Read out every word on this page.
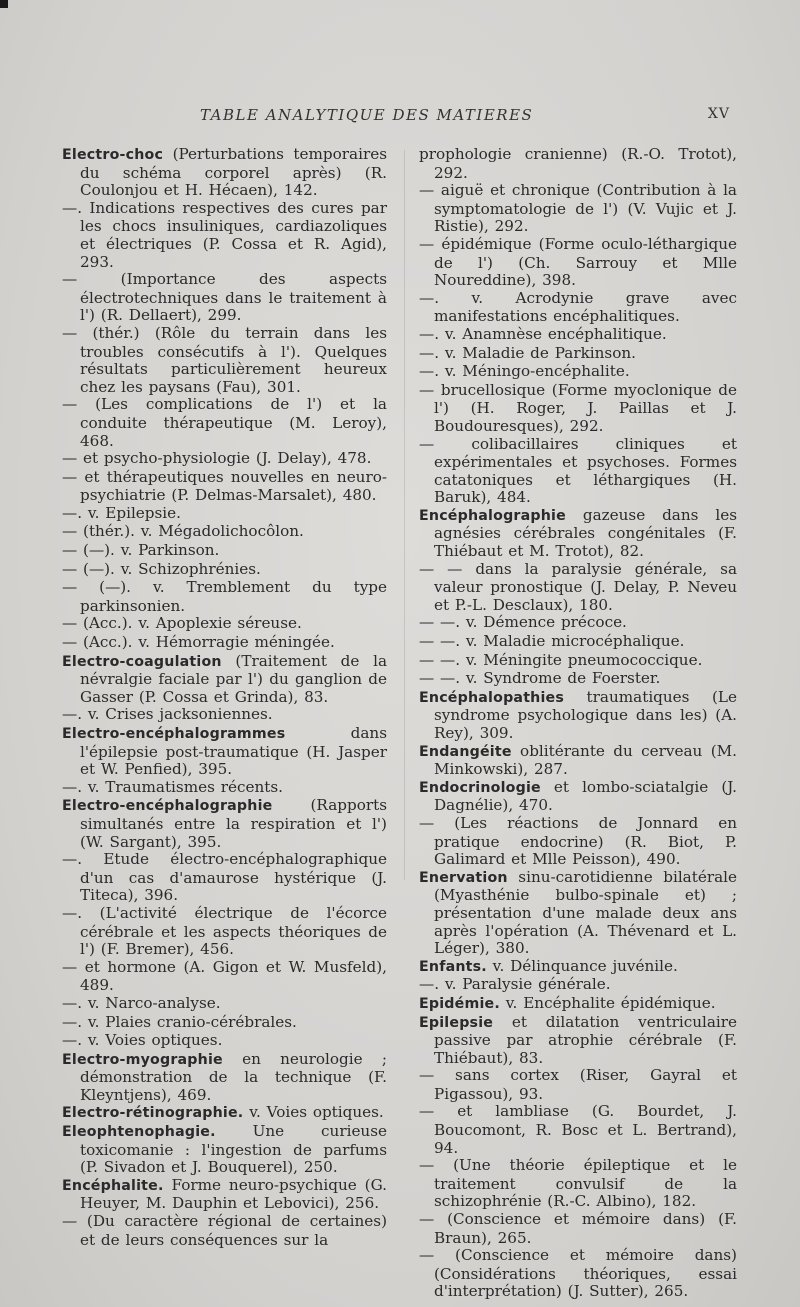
TABLE ANALYTIQUE DES MATIERES	XV

Electro-choc (Perturbations temporaires du schéma corporel après) (R. Coulonjou et H. Hécaen), 142.

—. Indications respectives des cures par les chocs insuliniques, cardiazoliques et électriques (P. Cossa et R. Agid), 293.

— (Importance des aspects électrotechniques dans le traitement à l') (R. Dellaert), 299.

— (thér.) (Rôle du terrain dans les troubles consécutifs à l'). Quelques résultats particulièrement heureux chez les paysans (Fau), 301.

— (Les complications de l') et la conduite thérapeutique (M. Leroy), 468.

— et psycho-physiologie (J. Delay), 478.

— et thérapeutiques nouvelles en neuro-psychiatrie (P. Delmas-Marsalet), 480.

—. v. Epilepsie.

— (thér.). v. Mégadolichocôlon.

— (—). v. Parkinson.

— (—). v. Schizophrénies.

— (—). v. Tremblement du type parkinsonien.

— (Acc.). v. Apoplexie séreuse.

— (Acc.). v. Hémorragie méningée.

Electro-coagulation (Traitement de la névralgie faciale par l') du ganglion de Gasser (P. Cossa et Grinda), 83.

—. v. Crises jacksoniennes.

Electro-encéphalogrammes dans l'épilepsie post-traumatique (H. Jasper et W. Penfied), 395.

—. v. Traumatismes récents.

Electro-encéphalographie (Rapports simultanés entre la respiration et l') (W. Sargant), 395.

—. Etude électro-encéphalographique d'un cas d'amaurose hystérique (J. Titeca), 396.

—. (L'activité électrique de l'écorce cérébrale et les aspects théoriques de l') (F. Bremer), 456.

— et hormone (A. Gigon et W. Musfeld), 489.

—. v. Narco-analyse.

—. v. Plaies cranio-cérébrales.

—. v. Voies optiques.

Electro-myographie en neurologie ; démonstration de la technique (F. Kleyntjens), 469.

Electro-rétinographie. v. Voies optiques.

Eleophtenophagie. Une curieuse toxicomanie : l'ingestion de parfums (P. Sivadon et J. Bouquerel), 250.

Encéphalite. Forme neuro-psychique (G. Heuyer, M. Dauphin et Lebovici), 256.

— (Du caractère régional de certaines) et de leurs conséquences sur la

prophologie cranienne) (R.-O. Trotot), 292.

— aiguë et chronique (Contribution à la symptomatologie de l') (V. Vujic et J. Ristie), 292.

— épidémique (Forme oculo-léthargique de l') (Ch. Sarrouy et Mlle Noureddine), 398.

—. v. Acrodynie grave avec manifestations encéphalitiques.

—. v. Anamnèse encéphalitique.

—. v. Maladie de Parkinson.

—. v. Méningo-encéphalite.

— brucellosique (Forme myoclonique de l') (H. Roger, J. Paillas et J. Boudouresques), 292.

— colibacillaires cliniques et expérimentales et psychoses. Formes catatoniques et léthargiques (H. Baruk), 484.

Encéphalographie gazeuse dans les agnésies cérébrales congénitales (F. Thiébaut et M. Trotot), 82.

— — dans la paralysie générale, sa valeur pronostique (J. Delay, P. Neveu et P.-L. Desclaux), 180.

— —. v. Démence précoce.

— —. v. Maladie microcéphalique.

— —. v. Méningite pneumococcique.

— —. v. Syndrome de Foerster.

Encéphalopathies traumatiques (Le syndrome psychologique dans les) (A. Rey), 309.

Endangéite oblitérante du cerveau (M. Minkowski), 287.

Endocrinologie et lombo-sciatalgie (J. Dagnélie), 470.

— (Les réactions de Jonnard en pratique endocrine) (R. Biot, P. Galimard et Mlle Peisson), 490.

Enervation sinu-carotidienne bilatérale (Myasthénie bulbo-spinale et) ; présentation d'une malade deux ans après l'opération (A. Thévenard et L. Léger), 380.

Enfants. v. Délinquance juvénile.

—. v. Paralysie générale.

Epidémie. v. Encéphalite épidémique.

Epilepsie et dilatation ventriculaire passive par atrophie cérébrale (F. Thiébaut), 83.

— sans cortex (Riser, Gayral et Pigassou), 93.

— et lambliase (G. Bourdet, J. Boucomont, R. Bosc et L. Bertrand), 94.

— (Une théorie épileptique et le traitement convulsif de la schizophrénie (R.-C. Albino), 182.

— (Conscience et mémoire dans) (F. Braun), 265.

— (Conscience et mémoire dans) (Considérations théoriques, essai d'interprétation) (J. Sutter), 265.
